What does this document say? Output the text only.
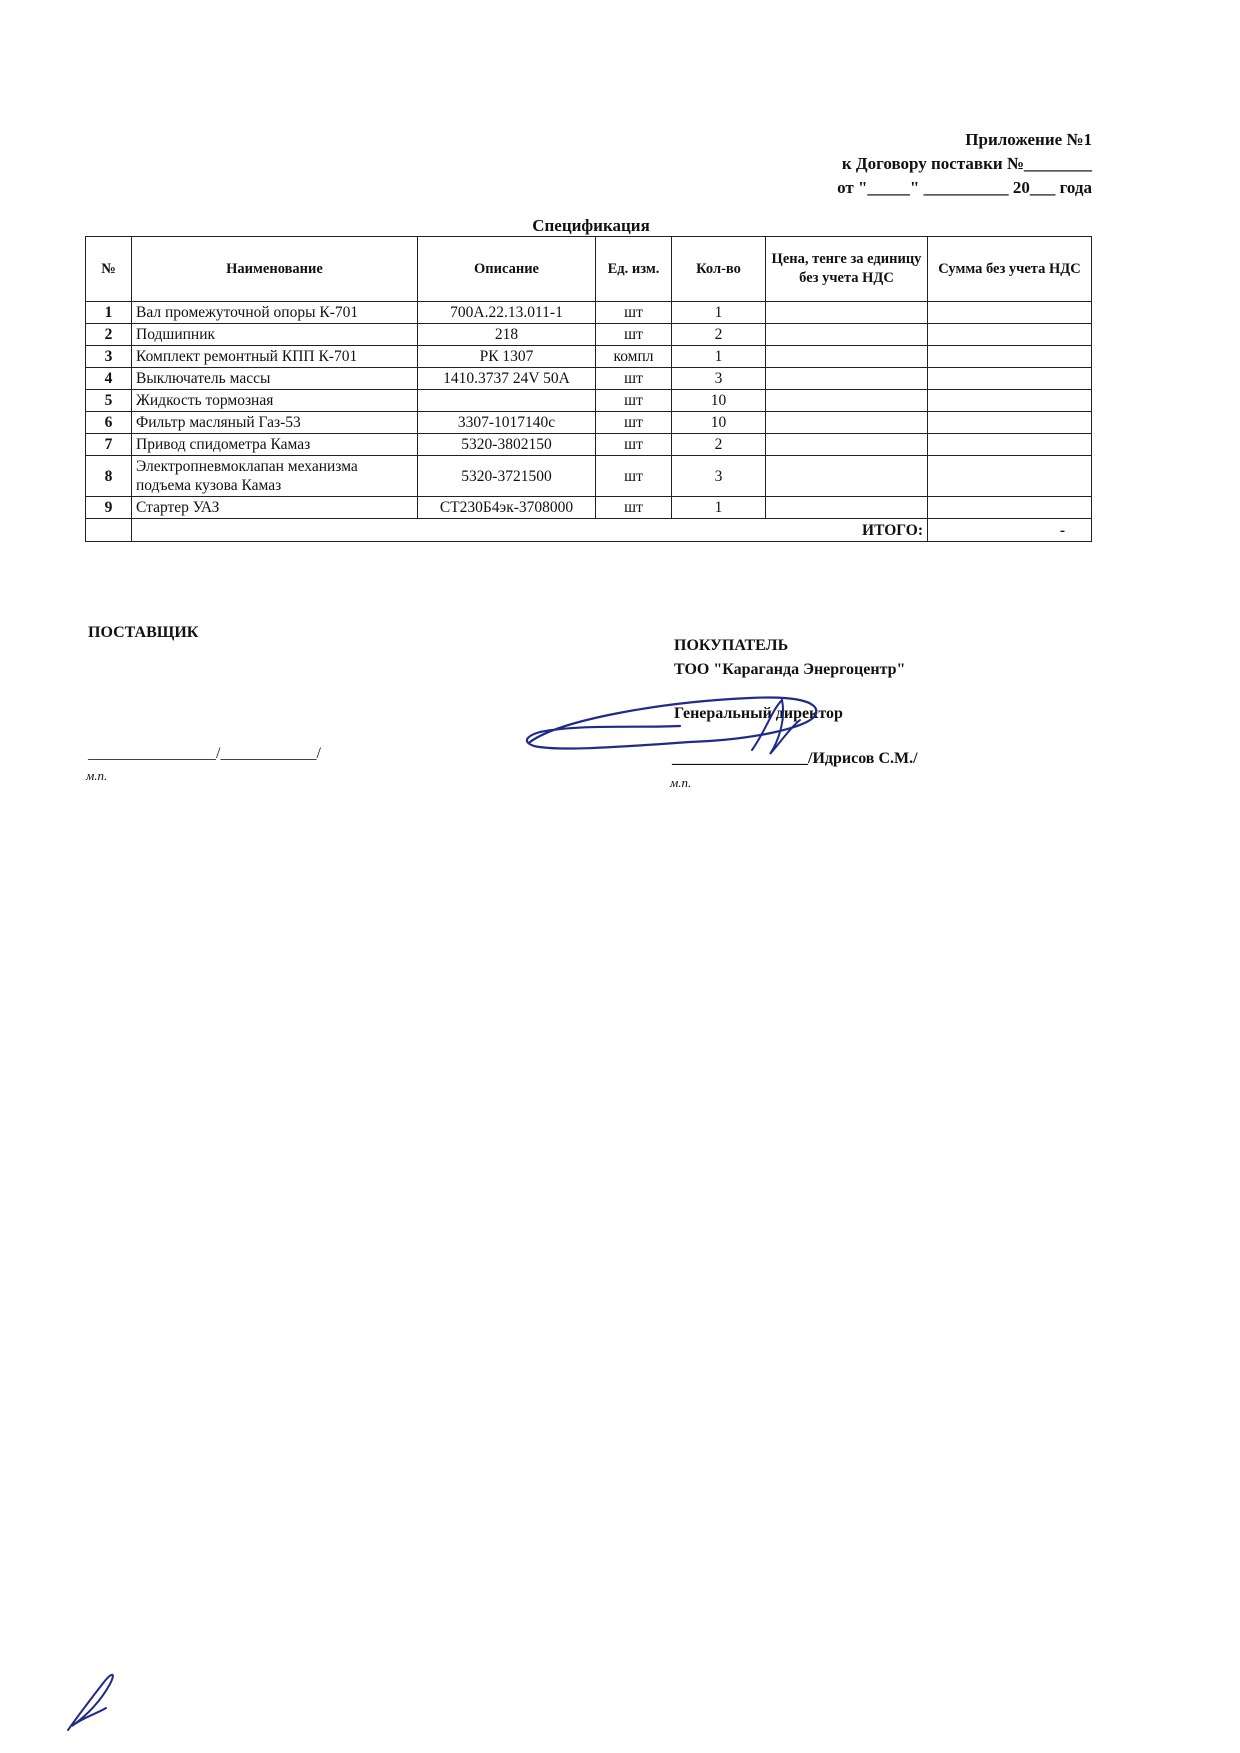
Приложение №1
к Договору поставки №________
от "_____" __________ 20___ года
Спецификация
№	Наименование	Описание	Ед. изм.	Кол-во	Цена, тенге за единицу без учета НДС	Сумма без учета НДС
1	Вал промежуточной опоры К-701	700А.22.13.011-1	шт	1		
2	Подшипник	218	шт	2		
3	Комплект ремонтный КПП К-701	РК 1307	компл	1		
4	Выключатель массы	1410.3737 24V 50A	шт	3		
5	Жидкость тормозная		шт	10		
6	Фильтр масляный Газ-53	3307-1017140с	шт	10		
7	Привод спидометра Камаз	5320-3802150	шт	2		
8	Электропневмоклапан механизма подъема кузова Камаз	5320-3721500	шт	3		
9	Стартер УАЗ	СТ230Б4эк-3708000	шт	1		
	ИТОГО:					-
ПОСТАВЩИК
________________/____________/
м.п.
ПОКУПАТЕЛЬ
ТОО "Караганда Энергоцентр"
Генеральный директор
_________________/Идрисов С.М./
м.п.
